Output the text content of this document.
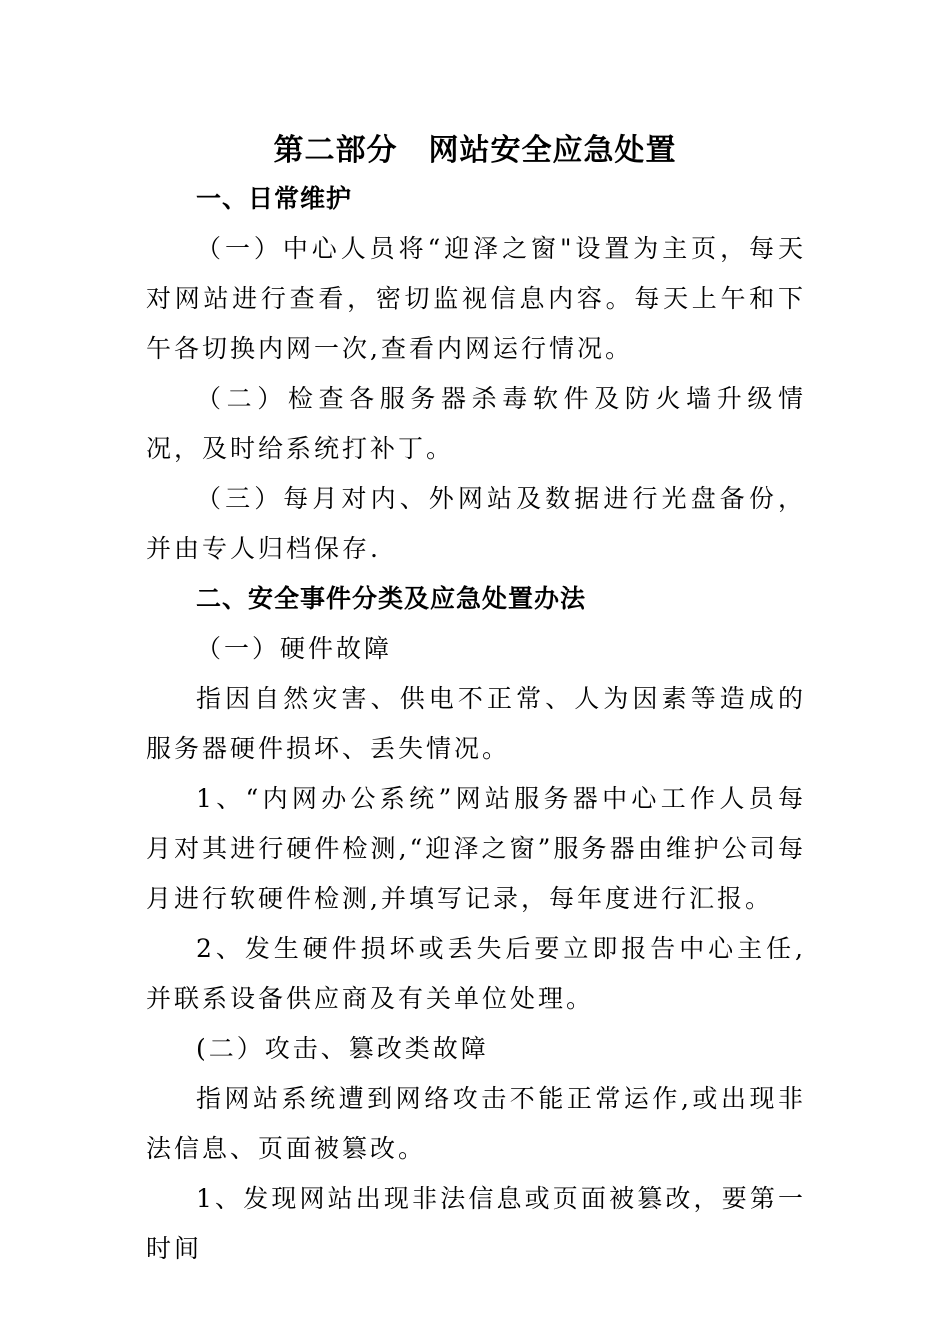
第二部分　网站安全应急处置

一、日常维护

（一）中心人员将“迎泽之窗"设置为主页，每天对网站进行查看，密切监视信息内容。每天上午和下午各切换内网一次,查看内网运行情况。

（二）检查各服务器杀毒软件及防火墙升级情况，及时给系统打补丁。

（三）每月对内、外网站及数据进行光盘备份，并由专人归档保存.

二、安全事件分类及应急处置办法

（一）硬件故障

指因自然灾害、供电不正常、人为因素等造成的服务器硬件损坏、丢失情况。

1、“内网办公系统”网站服务器中心工作人员每月对其进行硬件检测,“迎泽之窗”服务器由维护公司每月进行软硬件检测,并填写记录，每年度进行汇报。

2、发生硬件损坏或丢失后要立即报告中心主任,并联系设备供应商及有关单位处理。

(二）攻击、篡改类故障

指网站系统遭到网络攻击不能正常运作,或出现非法信息、页面被篡改。

1、发现网站出现非法信息或页面被篡改，要第一时间
